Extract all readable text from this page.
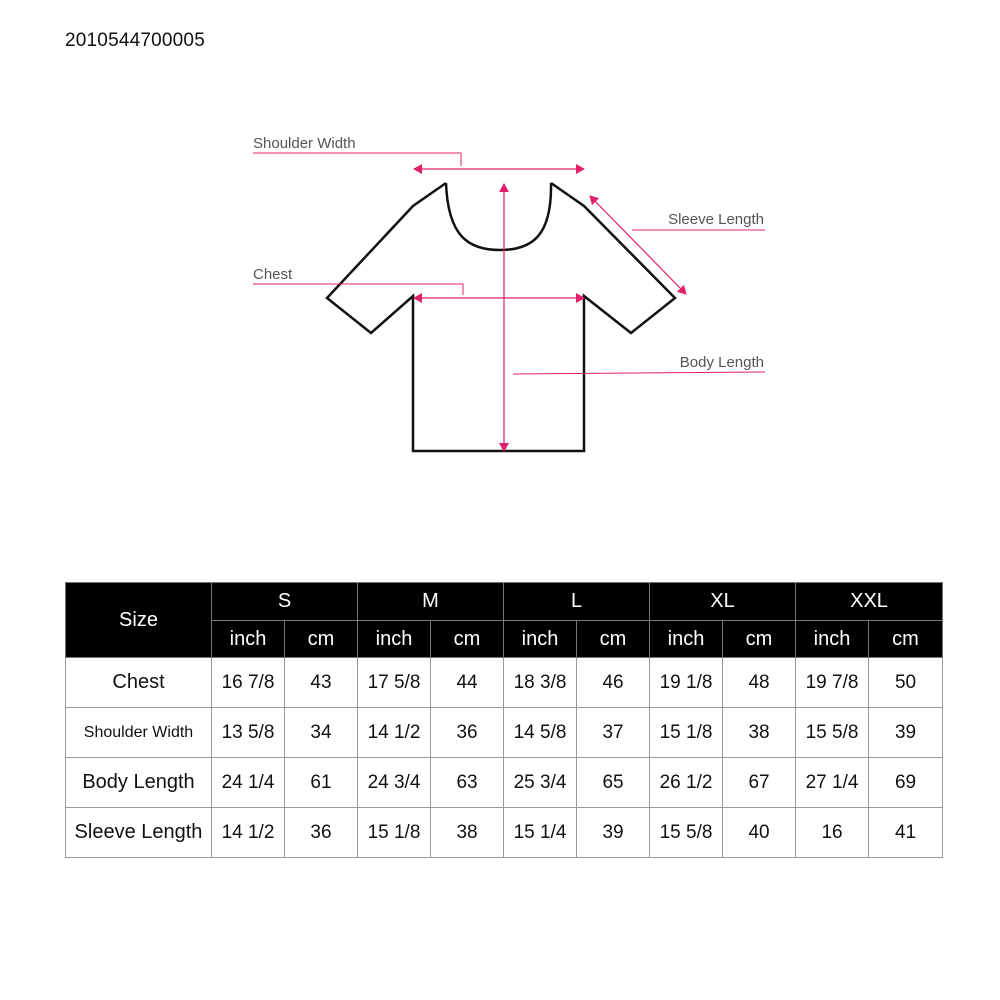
2010544700005
Shoulder Width
Sleeve Length
Chest
Body Length
Size	S		M		L		XL		XXL	
	inch	cm	inch	cm	inch	cm	inch	cm	inch	cm
Chest	16 7/8	43	17 5/8	44	18 3/8	46	19 1/8	48	19 7/8	50
Shoulder Width	13 5/8	34	14 1/2	36	14 5/8	37	15 1/8	38	15 5/8	39
Body Length	24 1/4	61	24 3/4	63	25 3/4	65	26 1/2	67	27 1/4	69
Sleeve Length	14 1/2	36	15 1/8	38	15 1/4	39	15 5/8	40	16	41
